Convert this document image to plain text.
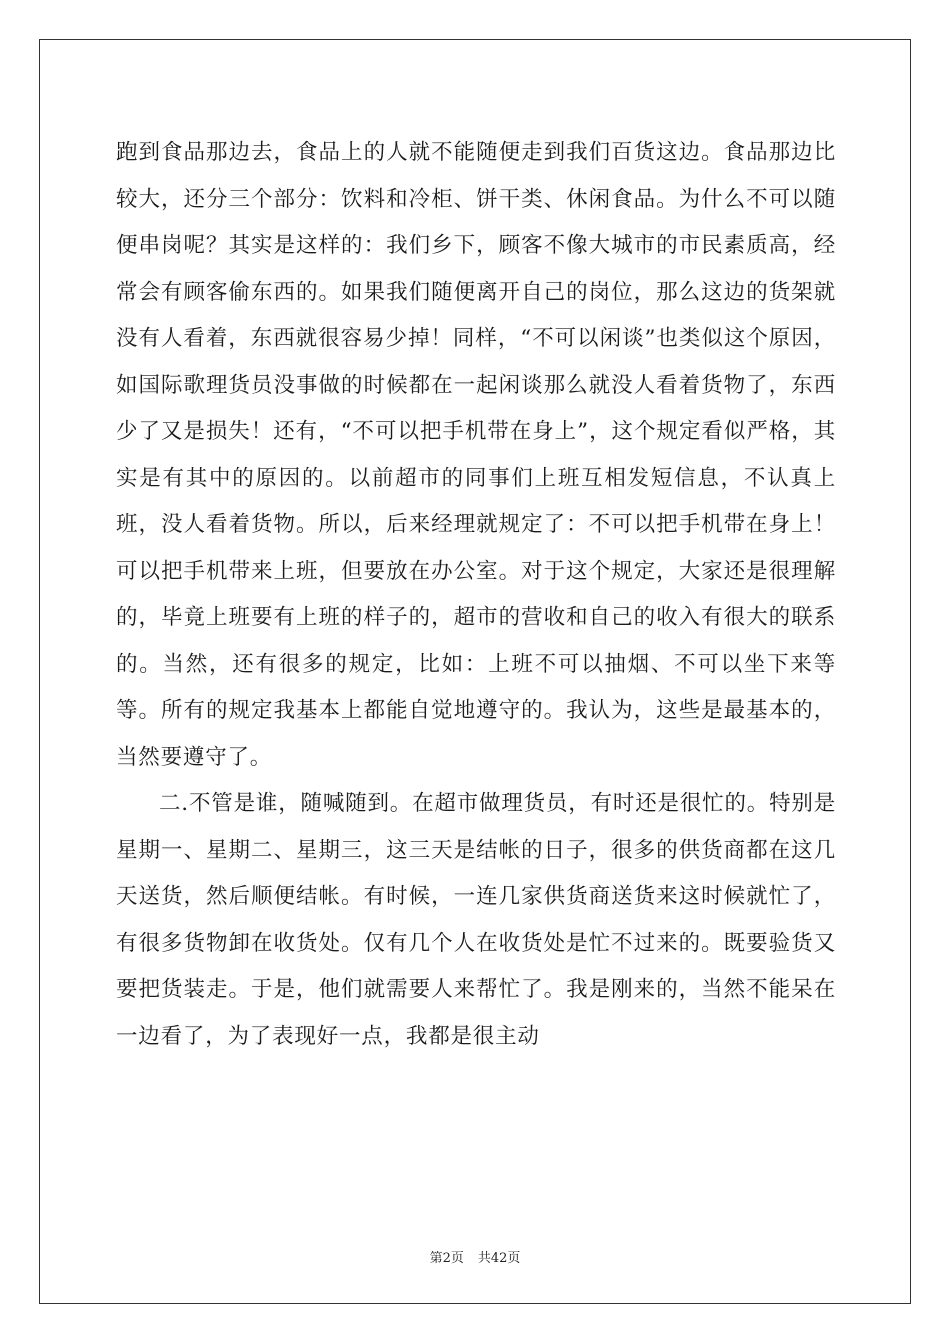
跑到食品那边去，食品上的人就不能随便走到我们百货这边。食品那边比较大，还分三个部分：饮料和冷柜、饼干类、休闲食品。为什么不可以随便串岗呢？其实是这样的：我们乡下，顾客不像大城市的市民素质高，经常会有顾客偷东西的。如果我们随便离开自己的岗位，那么这边的货架就没有人看着，东西就很容易少掉！同样，“不可以闲谈”也类似这个原因，如国际歌理货员没事做的时候都在一起闲谈那么就没人看着货物了，东西少了又是损失！还有，“不可以把手机带在身上”，这个规定看似严格，其实是有其中的原因的。以前超市的同事们上班互相发短信息，不认真上班，没人看着货物。所以，后来经理就规定了：不可以把手机带在身上！可以把手机带来上班，但要放在办公室。对于这个规定，大家还是很理解的，毕竟上班要有上班的样子的，超市的营收和自己的收入有很大的联系的。当然，还有很多的规定，比如：上班不可以抽烟、不可以坐下来等等。所有的规定我基本上都能自觉地遵守的。我认为，这些是最基本的，当然要遵守了。

二.不管是谁，随喊随到。在超市做理货员，有时还是很忙的。特别是星期一、星期二、星期三，这三天是结帐的日子，很多的供货商都在这几天送货，然后顺便结帐。有时候，一连几家供货商送货来这时候就忙了，有很多货物卸在收货处。仅有几个人在收货处是忙不过来的。既要验货又要把货装走。于是，他们就需要人来帮忙了。我是刚来的，当然不能呆在一边看了，为了表现好一点，我都是很主动

第2页 共42页
